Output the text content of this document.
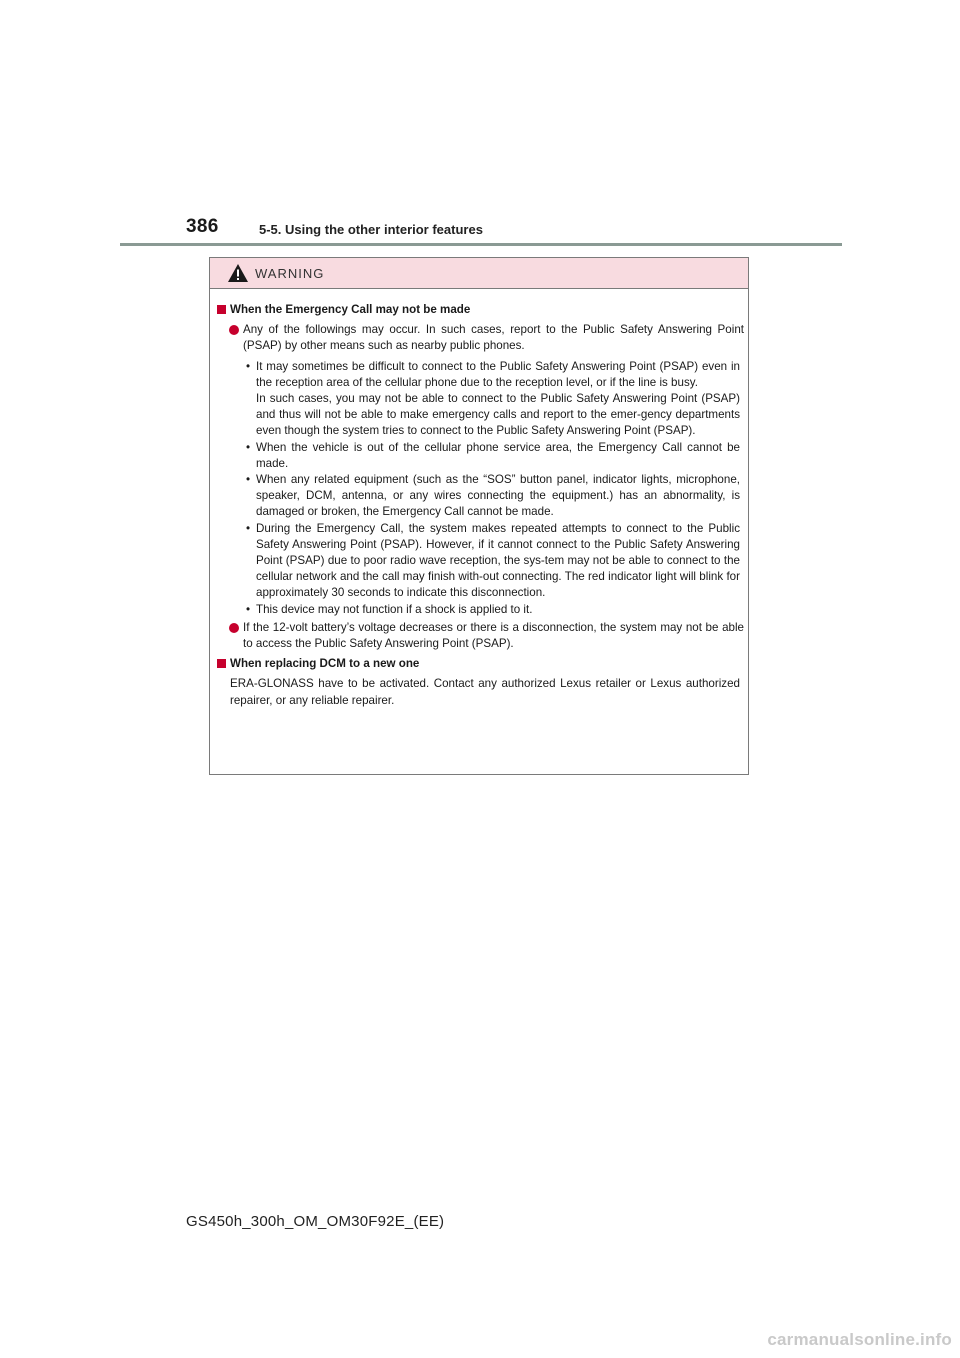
386	5-5. Using the other interior features
WARNING
When the Emergency Call may not be made
Any of the followings may occur. In such cases, report to the Public Safety Answering Point (PSAP) by other means such as nearby public phones.
• It may sometimes be difficult to connect to the Public Safety Answering Point (PSAP) even in the reception area of the cellular phone due to the reception level, or if the line is busy.
In such cases, you may not be able to connect to the Public Safety Answering Point (PSAP) and thus will not be able to make emergency calls and report to the emer-gency departments even though the system tries to connect to the Public Safety Answering Point (PSAP).
• When the vehicle is out of the cellular phone service area, the Emergency Call cannot be made.
• When any related equipment (such as the “SOS” button panel, indicator lights, microphone, speaker, DCM, antenna, or any wires connecting the equipment.) has an abnormality, is damaged or broken, the Emergency Call cannot be made.
• During the Emergency Call, the system makes repeated attempts to connect to the Public Safety Answering Point (PSAP). However, if it cannot connect to the Public Safety Answering Point (PSAP) due to poor radio wave reception, the sys-tem may not be able to connect to the cellular network and the call may finish with-out connecting. The red indicator light will blink for approximately 30 seconds to indicate this disconnection.
• This device may not function if a shock is applied to it.
If the 12-volt battery’s voltage decreases or there is a disconnection, the system may not be able to access the Public Safety Answering Point (PSAP).
When replacing DCM to a new one
ERA-GLONASS have to be activated. Contact any authorized Lexus retailer or Lexus authorized repairer, or any reliable repairer.
GS450h_300h_OM_OM30F92E_(EE)
carmanualsonline.info
